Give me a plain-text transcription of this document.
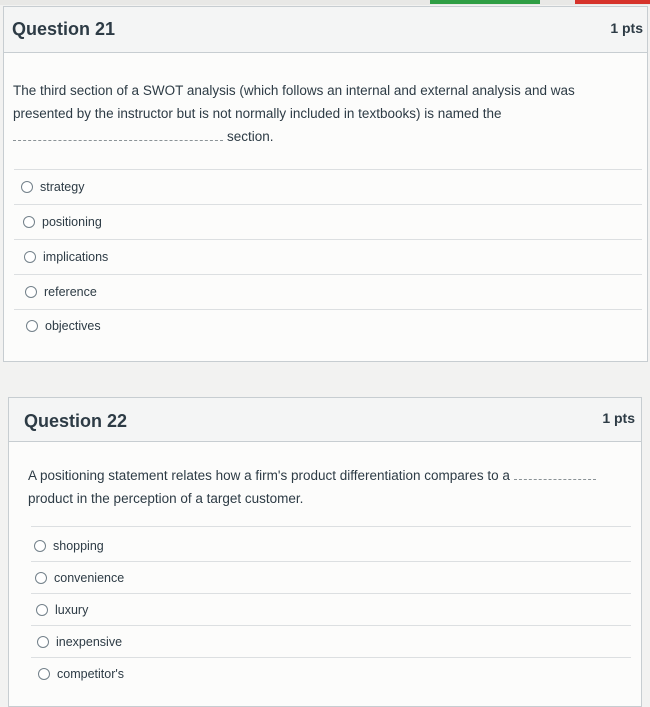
Question 21	1 pts
The third section of a SWOT analysis (which follows an internal and external analysis and was
presented by the instructor but is not normally included in textbooks) is named the
section.
strategy
positioning
implications
reference
objectives
Question 22	1 pts
A positioning statement relates how a firm's product differentiation compares to a
product in the perception of a target customer.
shopping
convenience
luxury
inexpensive
competitor's
